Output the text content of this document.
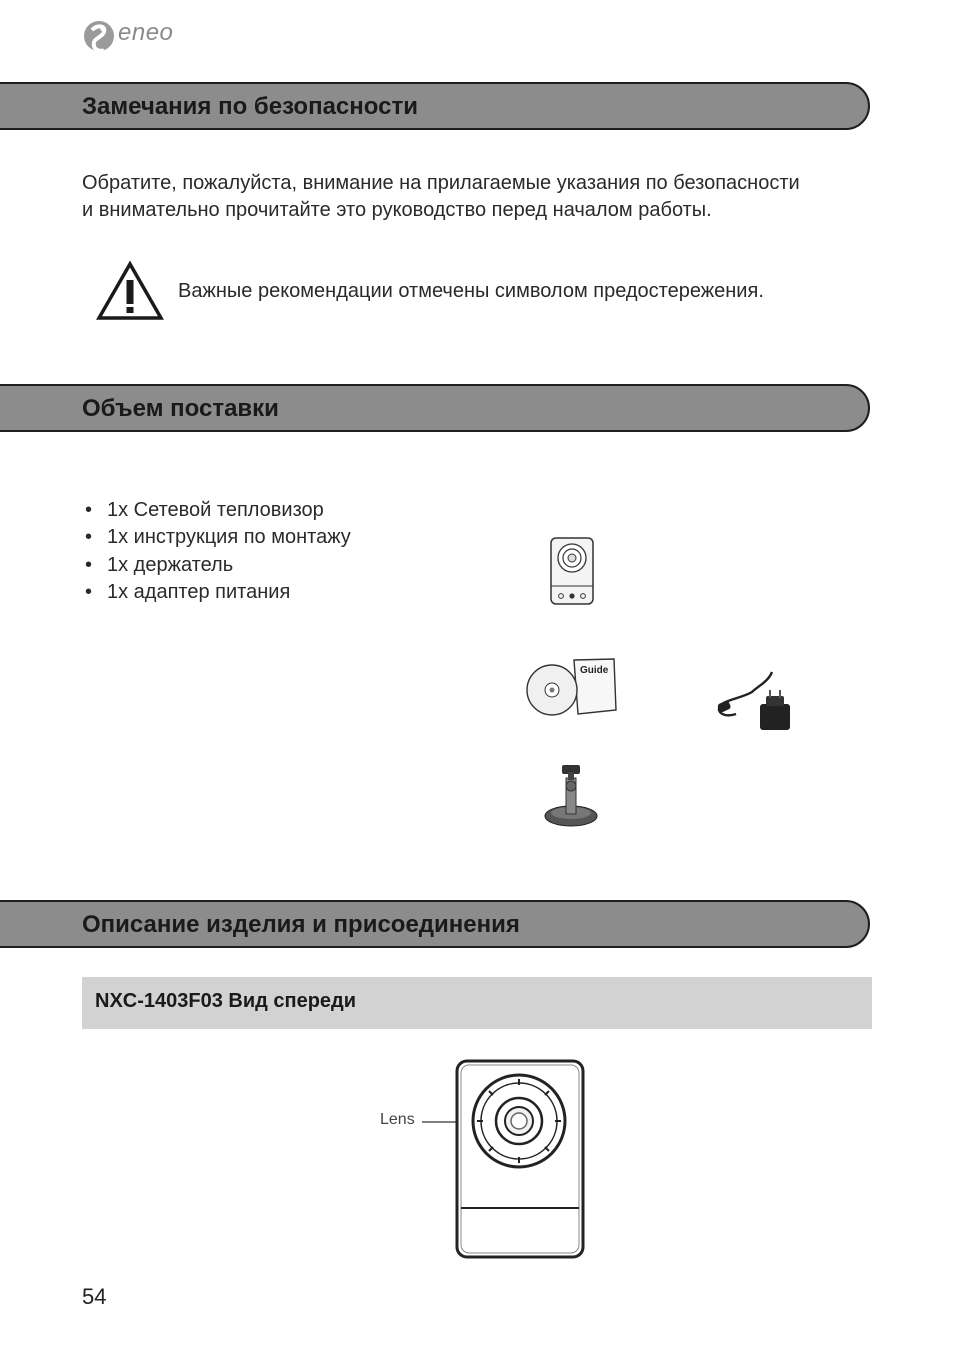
eneo
Замечания по безопасности

Обратите, пожалуйста, внимание на прилагаемые указания по безопасности и внимательно прочитайте это руководство перед началом работы.

Важные рекомендации отмечены символом предостережения.

Объем поставки
• 1x Сетевой тепловизор
• 1x инструкция по монтажу
• 1x держатель
• 1x адаптер питания
Guide
Описание изделия и присоединения
NXC-1403F03 Вид спереди
Lens
54
